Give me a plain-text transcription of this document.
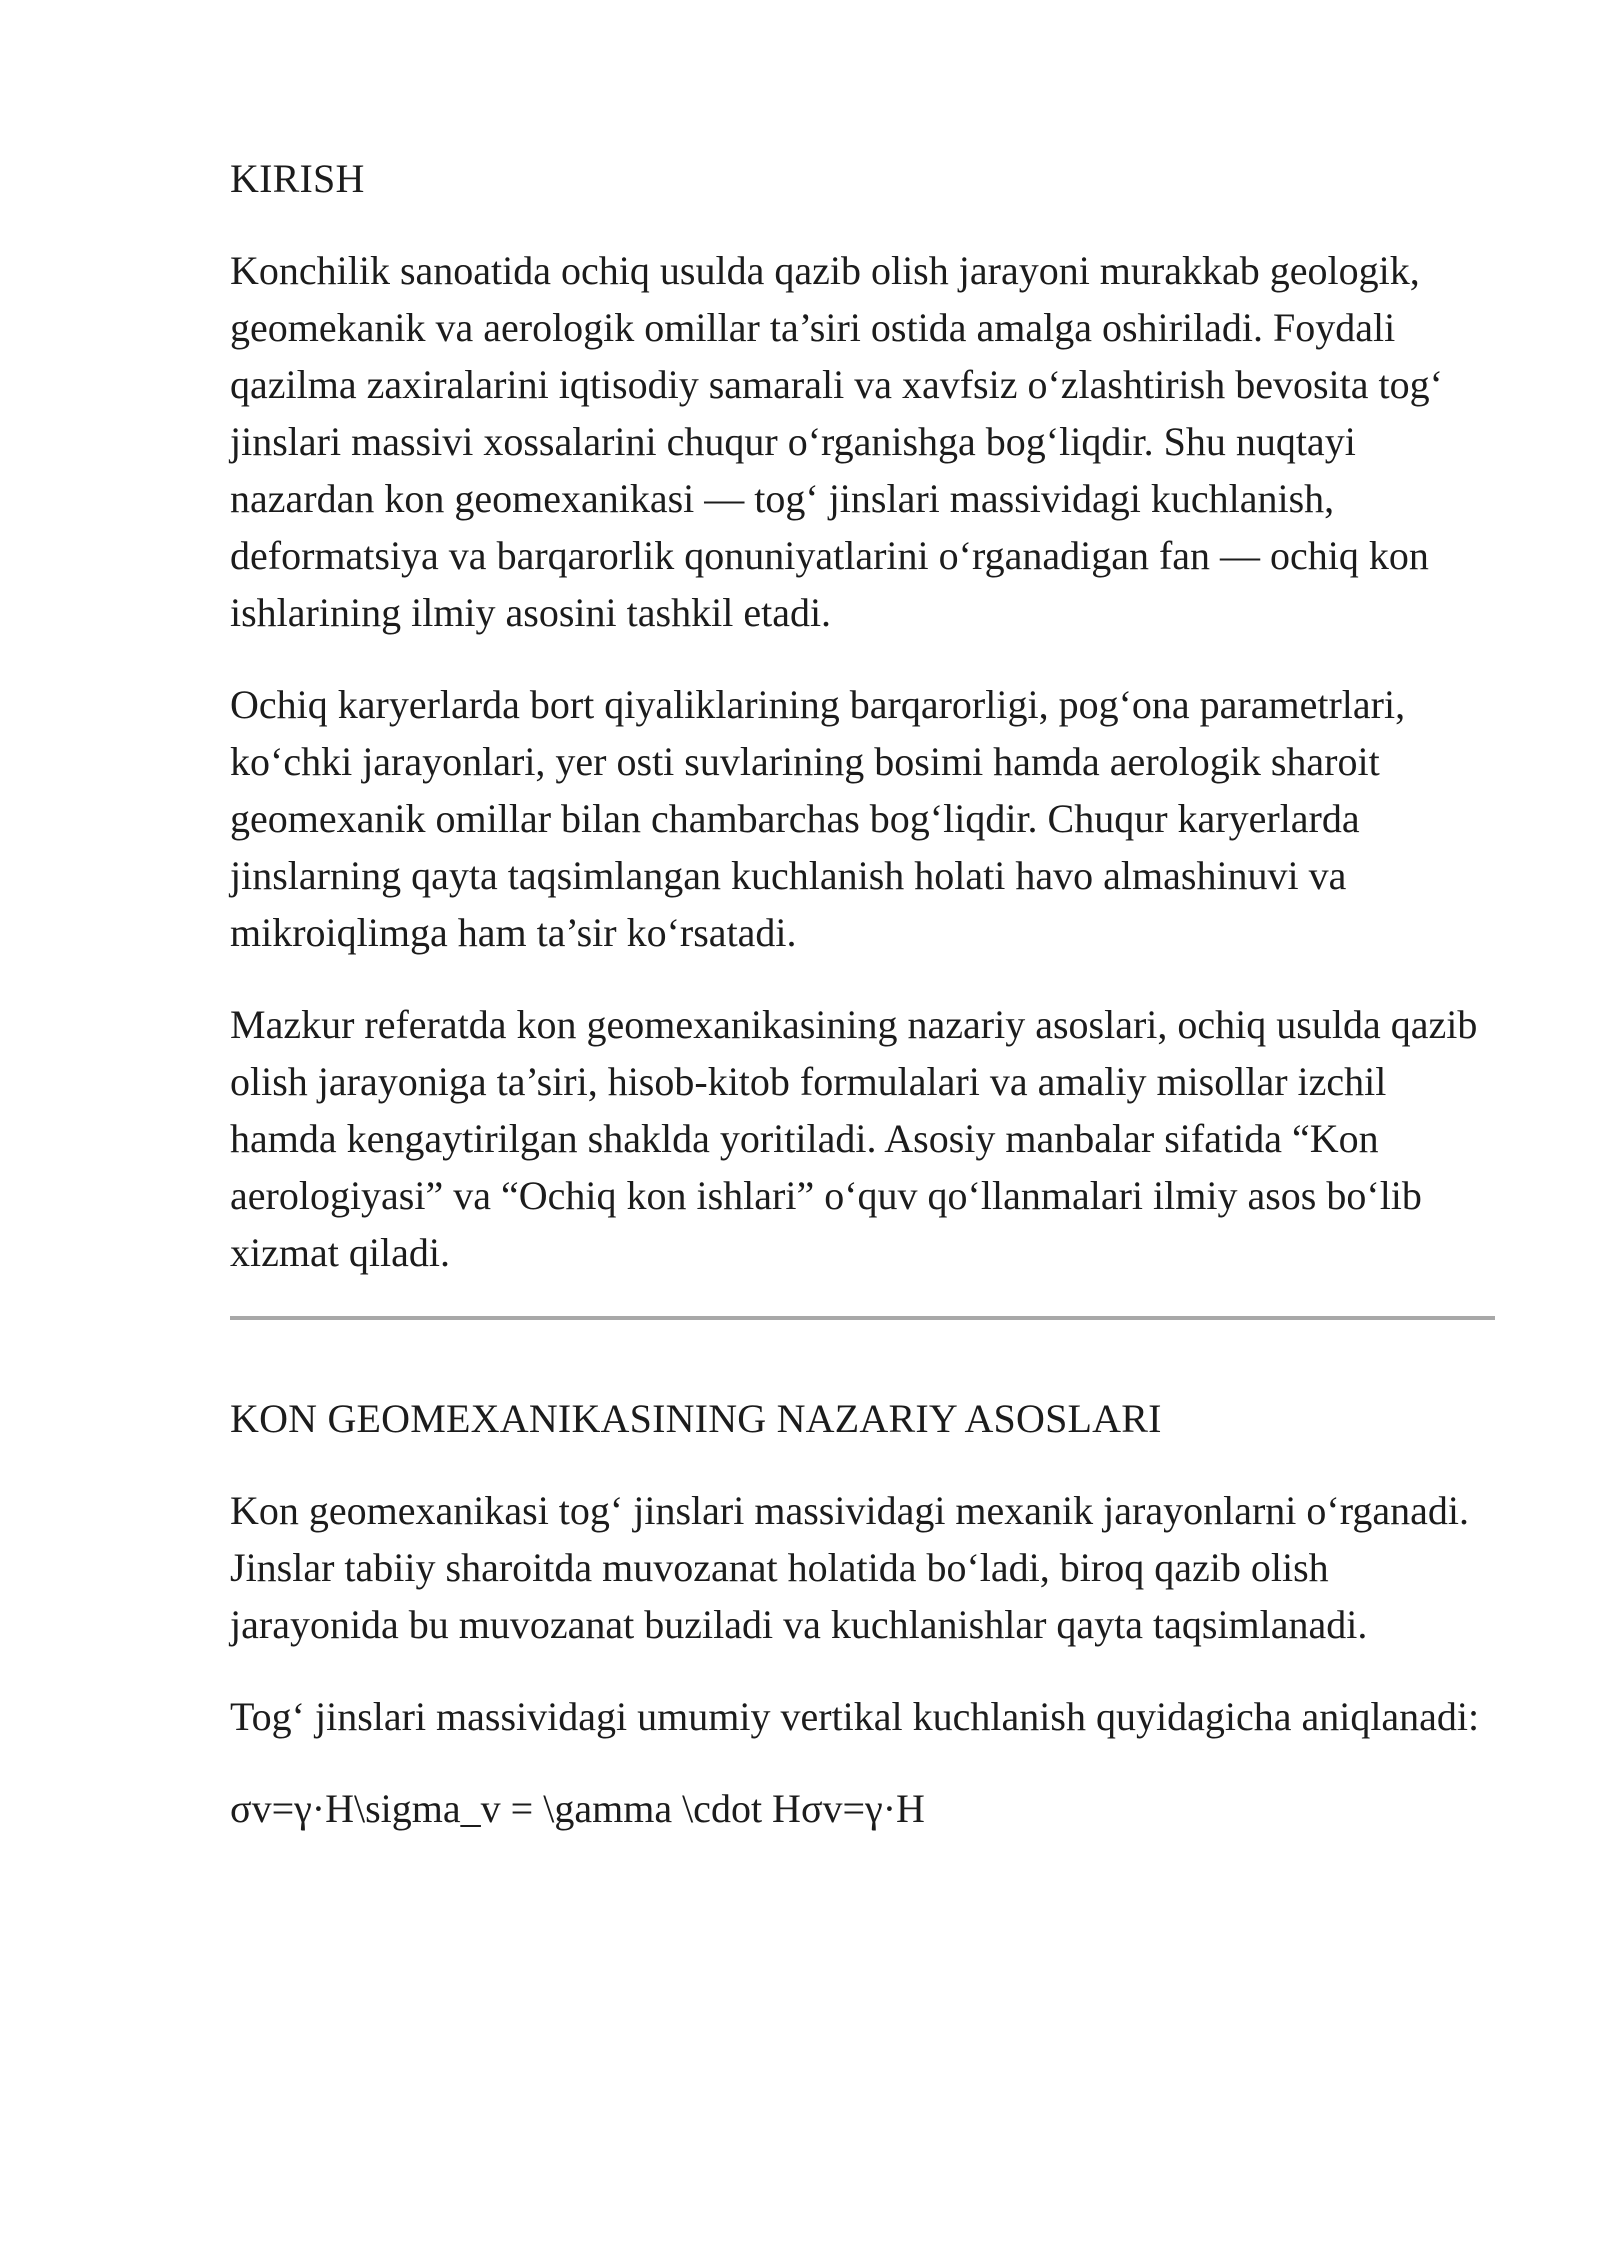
KIRISH

Konchilik sanoatida ochiq usulda qazib olish jarayoni murakkab geologik, geomekanik va aerologik omillar ta’siri ostida amalga oshiriladi. Foydali qazilma zaxiralarini iqtisodiy samarali va xavfsiz o‘zlashtirish bevosita tog‘ jinslari massivi xossalarini chuqur o‘rganishga bog‘liqdir. Shu nuqtayi nazardan kon geomexanikasi — tog‘ jinslari massividagi kuchlanish, deformatsiya va barqarorlik qonuniyatlarini o‘rganadigan fan — ochiq kon ishlarining ilmiy asosini tashkil etadi.

Ochiq karyerlarda bort qiyaliklarining barqarorligi, pog‘ona parametrlari, ko‘chki jarayonlari, yer osti suvlarining bosimi hamda aerologik sharoit geomexanik omillar bilan chambarchas bog‘liqdir. Chuqur karyerlarda jinslarning qayta taqsimlangan kuchlanish holati havo almashinuvi va mikroiqlimga ham ta’sir ko‘rsatadi.

Mazkur referatda kon geomexanikasining nazariy asoslari, ochiq usulda qazib olish jarayoniga ta’siri, hisob-kitob formulalari va amaliy misollar izchil hamda kengaytirilgan shaklda yoritiladi. Asosiy manbalar sifatida “Kon aerologiyasi” va “Ochiq kon ishlari” o‘quv qo‘llanmalari ilmiy asos bo‘lib xizmat qiladi.

KON GEOMEXANIKASINING NAZARIY ASOSLARI

Kon geomexanikasi tog‘ jinslari massividagi mexanik jarayonlarni o‘rganadi. Jinslar tabiiy sharoitda muvozanat holatida bo‘ladi, biroq qazib olish jarayonida bu muvozanat buziladi va kuchlanishlar qayta taqsimlanadi.

Tog‘ jinslari massividagi umumiy vertikal kuchlanish quyidagicha aniqlanadi:

σv=γ·H\sigma_v = \gamma \cdot Hσv=γ·H
